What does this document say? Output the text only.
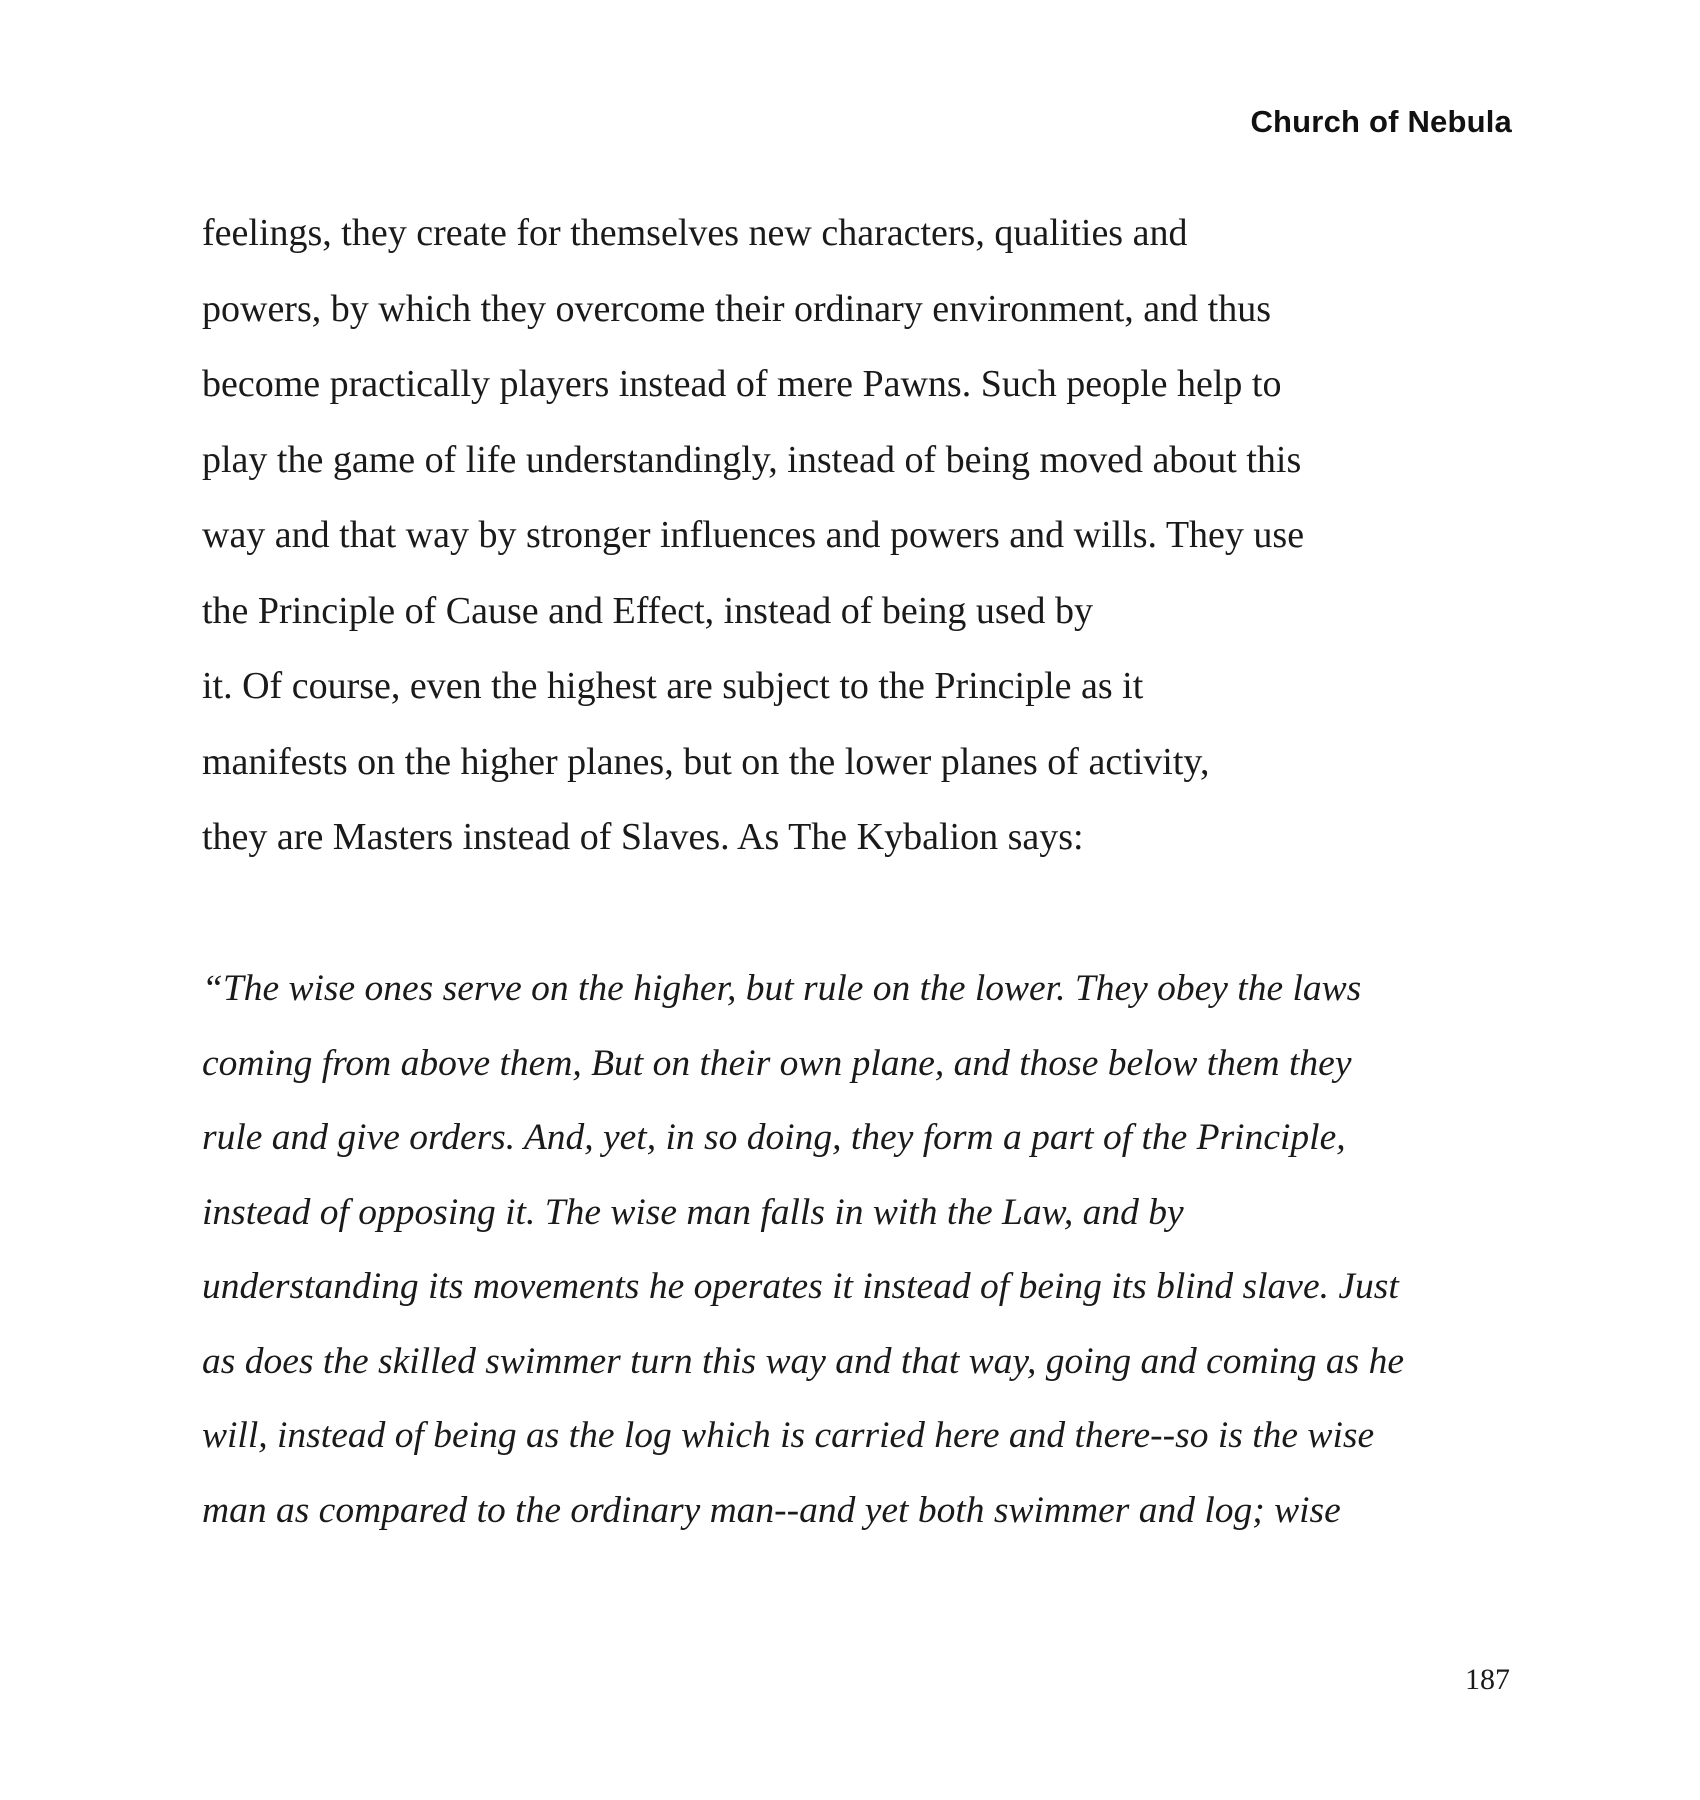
Church of Nebula
feelings, they create for themselves new characters, qualities and
powers, by which they overcome their ordinary environment, and thus
become practically players instead of mere Pawns. Such people help to
play the game of life understandingly, instead of being moved about this
way and that way by stronger influences and powers and wills. They use
the Principle of Cause and Effect, instead of being used by
it. Of course, even the highest are subject to the Principle as it
manifests on the higher planes, but on the lower planes of activity,
they are Masters instead of Slaves. As The Kybalion says:
“The wise ones serve on the higher, but rule on the lower. They obey the laws
coming from above them, But on their own plane, and those below them they
rule and give orders. And, yet, in so doing, they form a part of the Principle,
instead of opposing it. The wise man falls in with the Law, and by
understanding its movements he operates it instead of being its blind slave. Just
as does the skilled swimmer turn this way and that way, going and coming as he
will, instead of being as the log which is carried here and there--so is the wise
man as compared to the ordinary man--and yet both swimmer and log; wise
187
